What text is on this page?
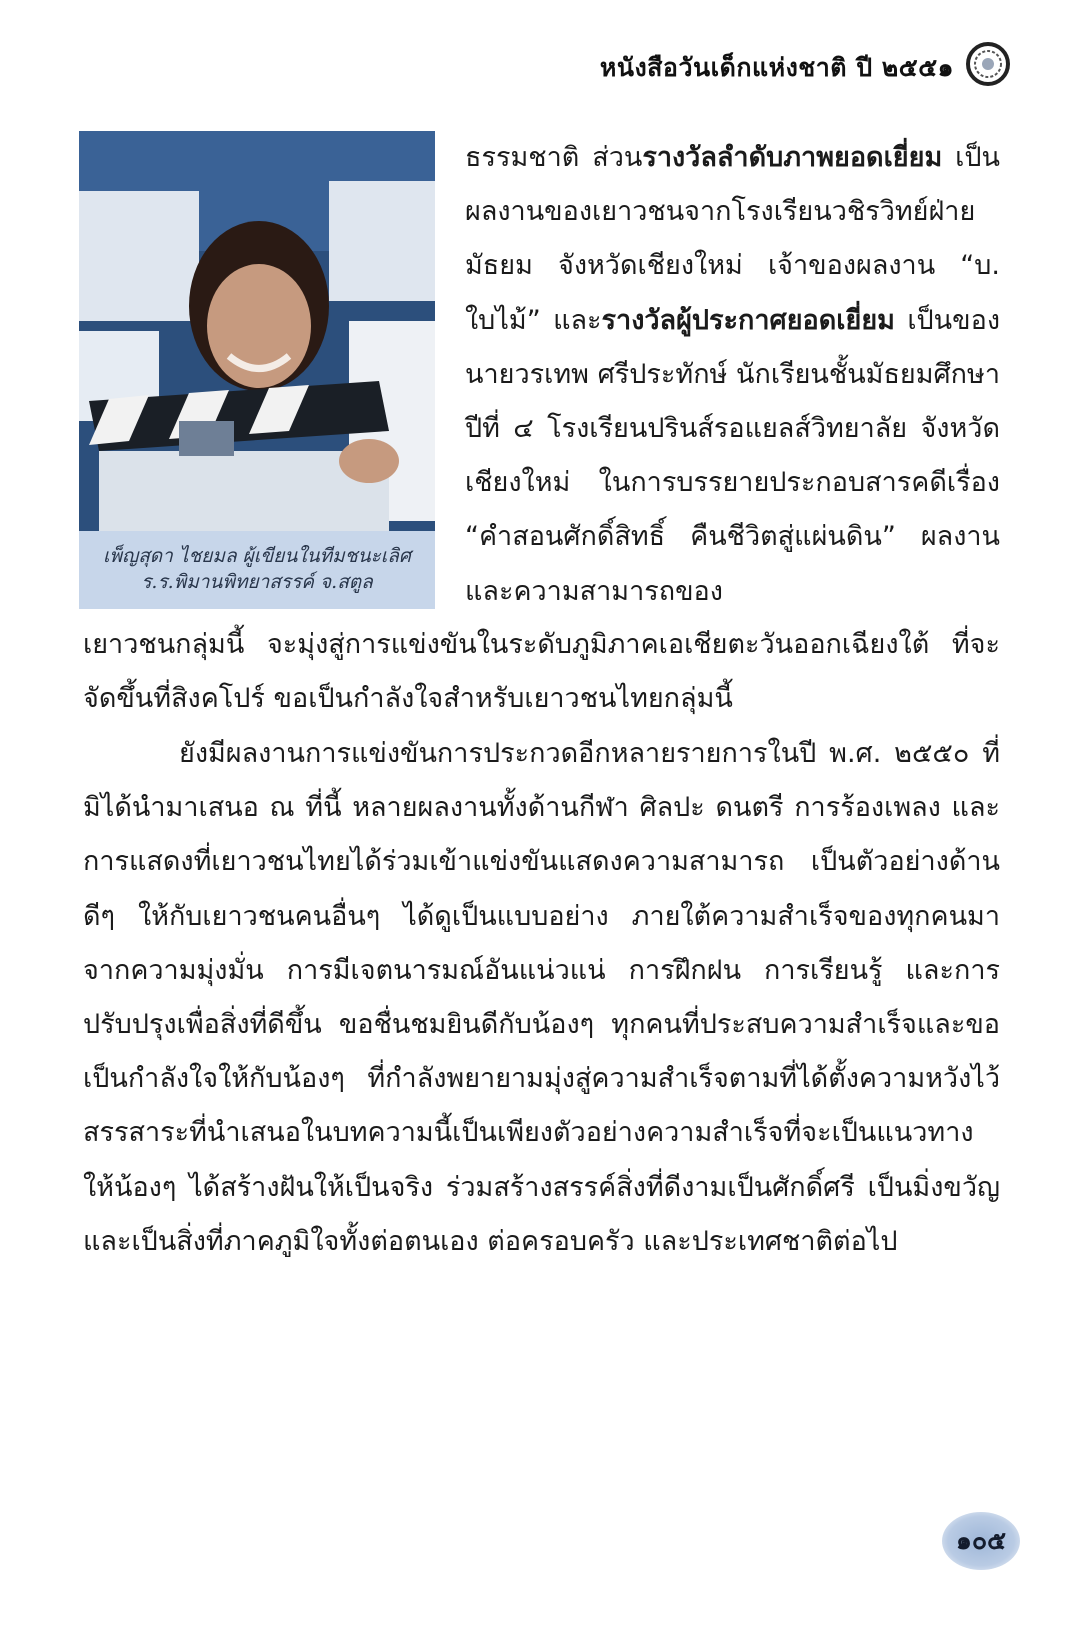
หนังสือวันเด็กแห่งชาติ ปี ๒๕๕๑
เพ็ญสุดา ไชยมล ผู้เขียนในทีมชนะเลิศ
ร.ร.พิมานพิทยาสรรค์ จ.สตูล

ธรรมชาติ ส่วนรางวัลลำดับภาพยอดเยี่ยม เป็นผลงานของเยาวชนจากโรงเรียนวชิรวิทย์ฝ่ายมัธยม จังหวัดเชียงใหม่ เจ้าของผลงาน “บ. ใบไม้” และรางวัลผู้ประกาศยอดเยี่ยม เป็นของ นายวรเทพ ศรีประทักษ์ นักเรียนชั้นมัธยมศึกษาปีที่ ๔ โรงเรียนปรินส์รอแยลส์วิทยาลัย จังหวัดเชียงใหม่ ในการบรรยายประกอบสารคดีเรื่อง “คำสอนศักดิ์สิทธิ์ คืนชีวิตสู่แผ่นดิน” ผลงานและความสามารถของ

เยาวชนกลุ่มนี้ จะมุ่งสู่การแข่งขันในระดับภูมิภาคเอเชียตะวันออกเฉียงใต้ ที่จะจัดขึ้นที่สิงคโปร์ ขอเป็นกำลังใจสำหรับเยาวชนไทยกลุ่มนี้

ยังมีผลงานการแข่งขันการประกวดอีกหลายรายการในปี พ.ศ. ๒๕๕๐ ที่มิได้นำมาเสนอ ณ ที่นี้ หลายผลงานทั้งด้านกีฬา ศิลปะ ดนตรี การร้องเพลง และการแสดงที่เยาวชนไทยได้ร่วมเข้าแข่งขันแสดงความสามารถ เป็นตัวอย่างด้านดีๆ ให้กับเยาวชนคนอื่นๆ ได้ดูเป็นแบบอย่าง ภายใต้ความสำเร็จของทุกคนมาจากความมุ่งมั่น การมีเจตนารมณ์อันแน่วแน่ การฝึกฝน การเรียนรู้ และการปรับปรุงเพื่อสิ่งที่ดีขึ้น ขอชื่นชมยินดีกับน้องๆ ทุกคนที่ประสบความสำเร็จและขอเป็นกำลังใจให้กับน้องๆ ที่กำลังพยายามมุ่งสู่ความสำเร็จตามที่ได้ตั้งความหวังไว้ สรรสาระที่นำเสนอในบทความนี้เป็นเพียงตัวอย่างความสำเร็จที่จะเป็นแนวทางให้น้องๆ ได้สร้างฝันให้เป็นจริง ร่วมสร้างสรรค์สิ่งที่ดีงามเป็นศักดิ์ศรี เป็นมิ่งขวัญ และเป็นสิ่งที่ภาคภูมิใจทั้งต่อตนเอง ต่อครอบครัว และประเทศชาติต่อไป

๑๐๕
